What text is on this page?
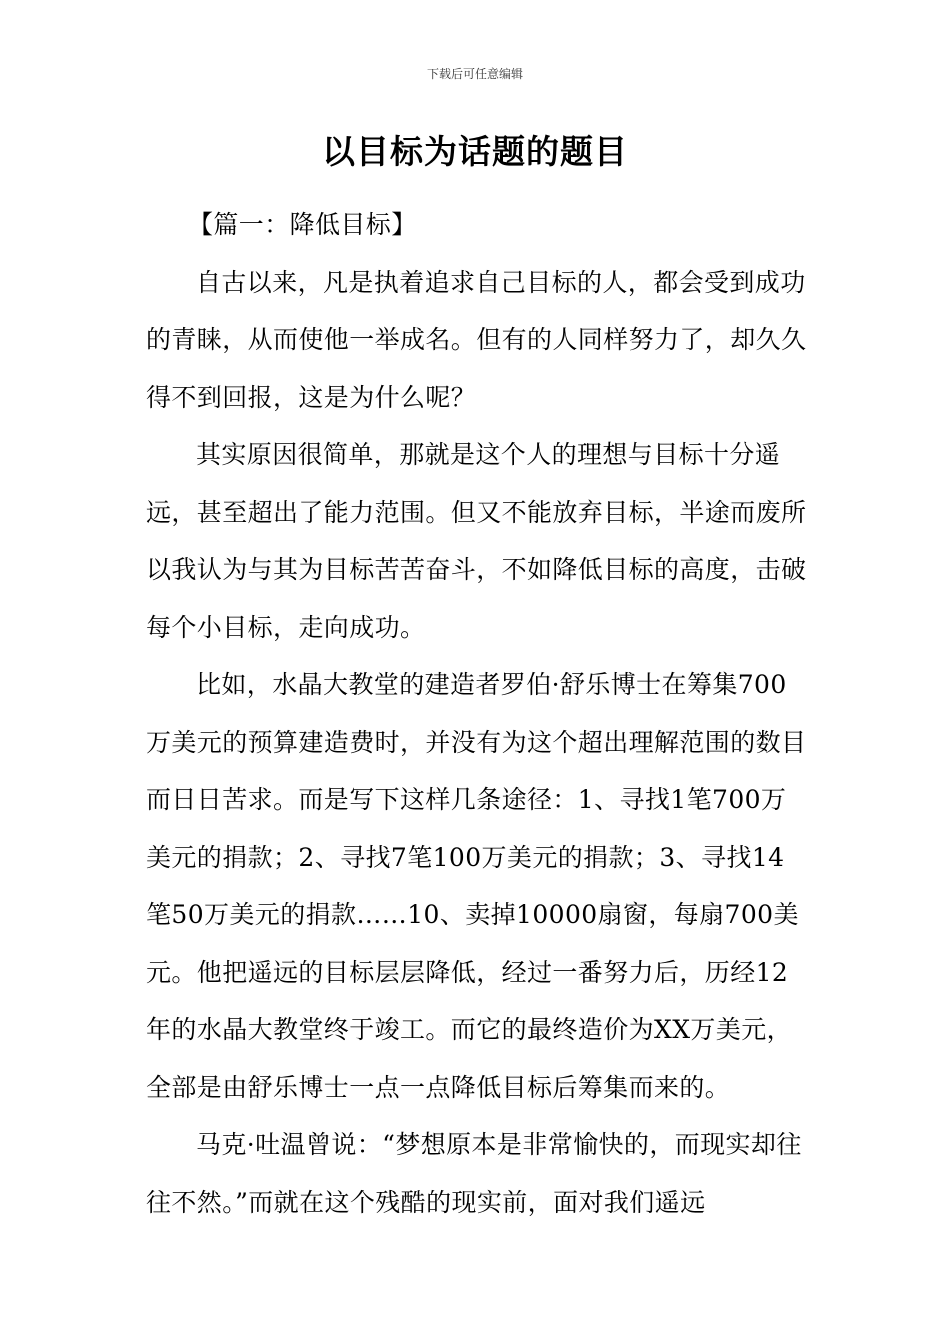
下载后可任意编辑
以目标为话题的题目
【篇一：降低目标】

自古以来，凡是执着追求自己目标的人，都会受到成功的青睐，从而使他一举成名。但有的人同样努力了，却久久得不到回报，这是为什么呢？

其实原因很简单，那就是这个人的理想与目标十分遥远，甚至超出了能力范围。但又不能放弃目标，半途而废所以我认为与其为目标苦苦奋斗，不如降低目标的高度，击破每个小目标，走向成功。

比如，水晶大教堂的建造者罗伯·舒乐博士在筹集700万美元的预算建造费时，并没有为这个超出理解范围的数目而日日苦求。而是写下这样几条途径：1、寻找1笔700万美元的捐款；2、寻找7笔100万美元的捐款；3、寻找14笔50万美元的捐款……10、卖掉10000扇窗，每扇700美元。他把遥远的目标层层降低，经过一番努力后，历经12年的水晶大教堂终于竣工。而它的最终造价为XX万美元，全部是由舒乐博士一点一点降低目标后筹集而来的。

马克·吐温曾说：“梦想原本是非常愉快的，而现实却往往不然。”而就在这个残酷的现实前，面对我们遥远
